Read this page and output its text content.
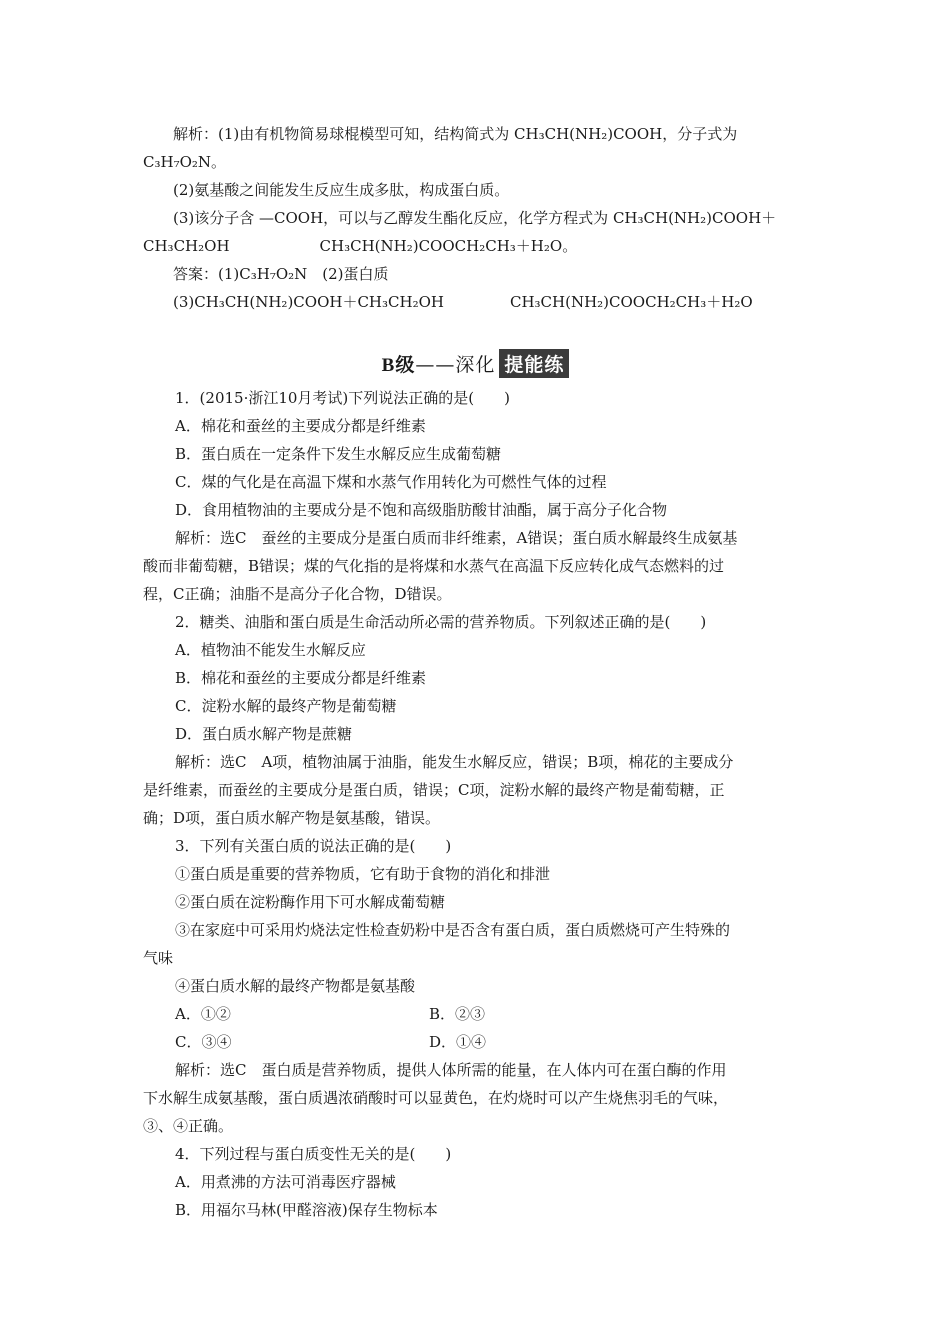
解析：(1)由有机物简易球棍模型可知，结构简式为 CH₃CH(NH₂)COOH，分子式为
C₃H₇O₂N。
(2)氨基酸之间能发生反应生成多肽，构成蛋白质。
(3)该分子含 —COOH，可以与乙醇发生酯化反应，化学方程式为 CH₃CH(NH₂)COOH＋
CH₃CH₂OH	CH₃CH(NH₂)COOCH₂CH₃＋H₂O。
答案：(1)C₃H₇O₂N　(2)蛋白质
(3)CH₃CH(NH₂)COOH＋CH₃CH₂OH	CH₃CH(NH₂)COOCH₂CH₃＋H₂O
B级 ——深化 提能练
1．(2015·浙江10月考试)下列说法正确的是(　　)
A．棉花和蚕丝的主要成分都是纤维素
B．蛋白质在一定条件下发生水解反应生成葡萄糖
C．煤的气化是在高温下煤和水蒸气作用转化为可燃性气体的过程
D．食用植物油的主要成分是不饱和高级脂肪酸甘油酯，属于高分子化合物
解析：选C　蚕丝的主要成分是蛋白质而非纤维素，A错误；蛋白质水解最终生成氨基
酸而非葡萄糖，B错误；煤的气化指的是将煤和水蒸气在高温下反应转化成气态燃料的过
程，C正确；油脂不是高分子化合物，D错误。
2．糖类、油脂和蛋白质是生命活动所必需的营养物质。下列叙述正确的是(　　)
A．植物油不能发生水解反应
B．棉花和蚕丝的主要成分都是纤维素
C．淀粉水解的最终产物是葡萄糖
D．蛋白质水解产物是蔗糖
解析：选C　A项，植物油属于油脂，能发生水解反应，错误；B项，棉花的主要成分
是纤维素，而蚕丝的主要成分是蛋白质，错误；C项，淀粉水解的最终产物是葡萄糖，正
确；D项，蛋白质水解产物是氨基酸，错误。
3．下列有关蛋白质的说法正确的是(　　)
①蛋白质是重要的营养物质，它有助于食物的消化和排泄
②蛋白质在淀粉酶作用下可水解成葡萄糖
③在家庭中可采用灼烧法定性检查奶粉中是否含有蛋白质，蛋白质燃烧可产生特殊的
气味
④蛋白质水解的最终产物都是氨基酸
A．①②	B．②③
C．③④	D．①④
解析：选C　蛋白质是营养物质，提供人体所需的能量，在人体内可在蛋白酶的作用
下水解生成氨基酸，蛋白质遇浓硝酸时可以显黄色，在灼烧时可以产生烧焦羽毛的气味，
③、④正确。
4．下列过程与蛋白质变性无关的是(　　)
A．用煮沸的方法可消毒医疗器械
B．用福尔马林(甲醛溶液)保存生物标本
